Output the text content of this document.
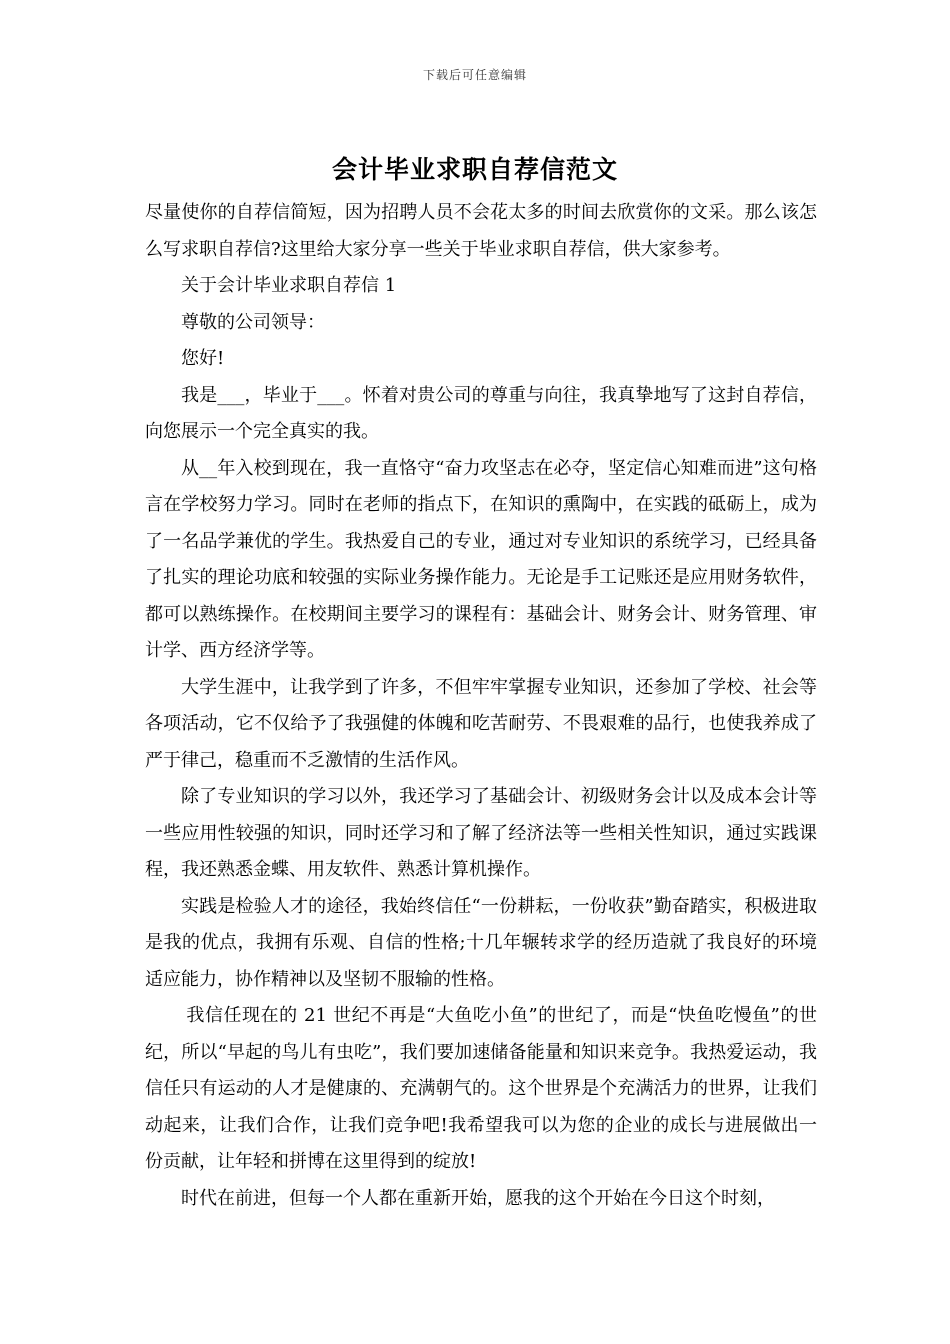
下载后可任意编辑
会计毕业求职自荐信范文

尽量使你的自荐信简短，因为招聘人员不会花太多的时间去欣赏你的文采。那么该怎么写求职自荐信?这里给大家分享一些关于毕业求职自荐信，供大家参考。

关于会计毕业求职自荐信 1

尊敬的公司领导：

您好!

我是___，毕业于___。怀着对贵公司的尊重与向往，我真挚地写了这封自荐信，向您展示一个完全真实的我。

从__年入校到现在，我一直恪守“奋力攻坚志在必夺，坚定信心知难而进”这句格言在学校努力学习。同时在老师的指点下，在知识的熏陶中，在实践的砥砺上，成为了一名品学兼优的学生。我热爱自己的专业，通过对专业知识的系统学习，已经具备了扎实的理论功底和较强的实际业务操作能力。无论是手工记账还是应用财务软件，都可以熟练操作。在校期间主要学习的课程有：基础会计、财务会计、财务管理、审计学、西方经济学等。

大学生涯中，让我学到了许多，不但牢牢掌握专业知识，还参加了学校、社会等各项活动，它不仅给予了我强健的体魄和吃苦耐劳、不畏艰难的品行，也使我养成了严于律己，稳重而不乏激情的生活作风。

除了专业知识的学习以外，我还学习了基础会计、初级财务会计以及成本会计等一些应用性较强的知识，同时还学习和了解了经济法等一些相关性知识，通过实践课程，我还熟悉金蝶、用友软件、熟悉计算机操作。

实践是检验人才的途径，我始终信任“一份耕耘，一份收获”勤奋踏实，积极进取是我的优点，我拥有乐观、自信的性格;十几年辗转求学的经历造就了我良好的环境适应能力，协作精神以及坚韧不服输的性格。

我信任现在的 21 世纪不再是“大鱼吃小鱼”的世纪了，而是“快鱼吃慢鱼”的世纪，所以“早起的鸟儿有虫吃”，我们要加速储备能量和知识来竞争。我热爱运动，我信任只有运动的人才是健康的、充满朝气的。这个世界是个充满活力的世界，让我们动起来，让我们合作，让我们竞争吧!我希望我可以为您的企业的成长与进展做出一份贡献，让年轻和拼博在这里得到的绽放!

时代在前进，但每一个人都在重新开始，愿我的这个开始在今日这个时刻，
